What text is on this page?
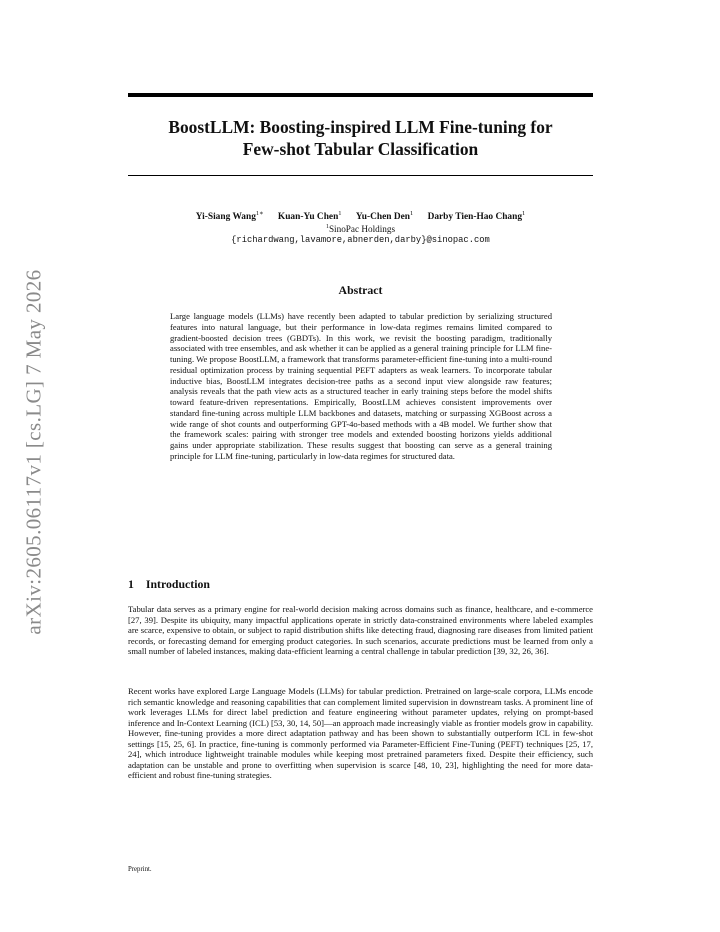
arXiv:2605.06117v1 [cs.LG] 7 May 2026
BoostLLM: Boosting-inspired LLM Fine-tuning for
Few-shot Tabular Classification
Yi-Siang Wang$^{1∗}$ Kuan-Yu Chen$^1$ Yu-Chen Den$^1$ Darby Tien-Hao Chang$^1$
$^1$SinoPac Holdings
{richardwang,lavamore,abnerden,darby}@sinopac.com
Abstract

Large language models (LLMs) have recently been adapted to tabular prediction by serializing structured features into natural language, but their performance in low-data regimes remains limited compared to gradient-boosted decision trees (GBDTs). In this work, we revisit the boosting paradigm, traditionally associated with tree ensembles, and ask whether it can be applied as a general training principle for LLM fine-tuning. We propose BoostLLM, a framework that transforms parameter-efficient fine-tuning into a multi-round residual optimization process by training sequential PEFT adapters as weak learners. To incorporate tabular inductive bias, BoostLLM integrates decision-tree paths as a second input view alongside raw features; analysis reveals that the path view acts as a structured teacher in early training steps before the model shifts toward feature-driven representations. Empirically, BoostLLM achieves consistent improvements over standard fine-tuning across multiple LLM backbones and datasets, matching or surpassing XGBoost across a wide range of shot counts and outperforming GPT-4o-based methods with a 4B model. We further show that the framework scales: pairing with stronger tree models and extended boosting horizons yields additional gains under appropriate stabilization. These results suggest that boosting can serve as a general training principle for LLM fine-tuning, particularly in low-data regimes for structured data.

1 Introduction

Tabular data serves as a primary engine for real-world decision making across domains such as finance, healthcare, and e-commerce [27, 39]. Despite its ubiquity, many impactful applications operate in strictly data-constrained environments where labeled examples are scarce, expensive to obtain, or subject to rapid distribution shifts like detecting fraud, diagnosing rare diseases from limited patient records, or forecasting demand for emerging product categories. In such scenarios, accurate predictions must be learned from only a small number of labeled instances, making data-efficient learning a central challenge in tabular prediction [39, 32, 26, 36].

Recent works have explored Large Language Models (LLMs) for tabular prediction. Pretrained on large-scale corpora, LLMs encode rich semantic knowledge and reasoning capabilities that can complement limited supervision in downstream tasks. A prominent line of work leverages LLMs for direct label prediction and feature engineering without parameter updates, relying on prompt-based inference and In-Context Learning (ICL) [53, 30, 14, 50]—an approach made increasingly viable as frontier models grow in capability. However, fine-tuning provides a more direct adaptation pathway and has been shown to substantially outperform ICL in few-shot settings [15, 25, 6]. In practice, fine-tuning is commonly performed via Parameter-Efficient Fine-Tuning (PEFT) techniques [25, 17, 24], which introduce lightweight trainable modules while keeping most pretrained parameters fixed. Despite their efficiency, such adaptation can be unstable and prone to overfitting when supervision is scarce [48, 10, 23], highlighting the need for more data-efficient and robust fine-tuning strategies.

Preprint.
